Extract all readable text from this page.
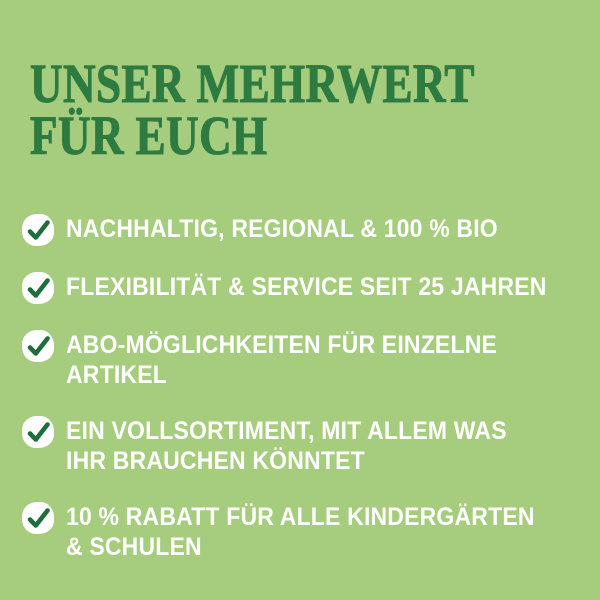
UNSER MEHRWERT
FÜR EUCH
NACHHALTIG, REGIONAL & 100 % BIO
FLEXIBILITÄT & SERVICE SEIT 25 JAHREN
ABO-MÖGLICHKEITEN FÜR EINZELNE
ARTIKEL
EIN VOLLSORTIMENT, MIT ALLEM WAS
IHR BRAUCHEN KÖNNTET
10 % RABATT FÜR ALLE KINDERGÄRTEN
& SCHULEN
